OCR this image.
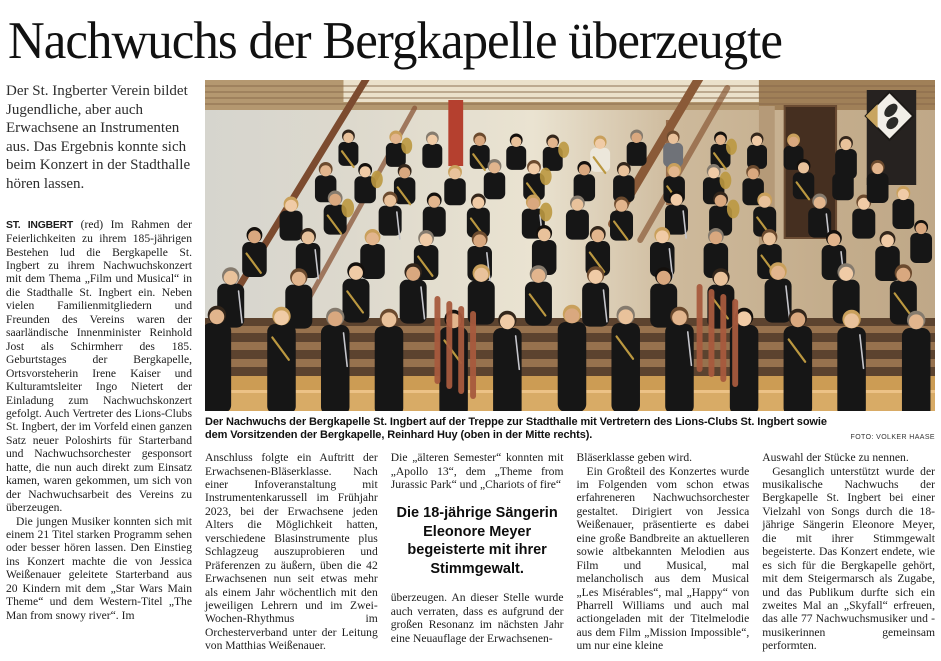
Nachwuchs der Bergkapelle überzeugte

Der St. Ingberter Verein bildet Jugendliche, aber auch Erwachsene an Instrumenten aus. Das Ergebnis konnte sich beim Konzert in der Stadthalle hören lassen.

ST. INGBERT (red) Im Rahmen der Feierlichkeiten zu ihrem 185-jährigen Bestehen lud die Bergkapelle St. Ingbert zu ihrem Nachwuchskonzert mit dem Thema „Film und Musical“ in die Stadthalle St. Ingbert ein. Neben vielen Familienmitgliedern und Freunden des Vereins waren der saarländische Innenminister Reinhold Jost als Schirmherr des 185. Geburtstages der Bergkapelle, Ortsvorsteherin Irene Kaiser und Kulturamtsleiter Ingo Nietert der Einladung zum Nachwuchskonzert gefolgt. Auch Vertreter des Lions-Clubs St. Ingbert, der im Vorfeld einen ganzen Satz neuer Poloshirts für Starterband und Nachwuchsorchester gesponsort hatte, die nun auch direkt zum Einsatz kamen, waren gekommen, um sich von der Nachwuchsarbeit des Vereins zu überzeugen.

Die jungen Musiker konnten sich mit einem 21 Titel starken Programm sehen oder besser hören lassen. Den Einstieg ins Konzert machte die von Jessica Weißenauer geleitete Starterband aus 20 Kindern mit dem „Star Wars Main Theme“ und dem Western-Titel „The Man from snowy river“. Im

Der Nachwuchs der Bergkapelle St. Ingbert auf der Treppe zur Stadthalle mit Vertretern des Lions-Clubs St. Ingbert sowie dem Vorsitzenden der Bergkapelle, Reinhard Huy (oben in der Mitte rechts).	FOTO: VOLKER HAASE

Anschluss folgte ein Auftritt der Erwachsenen-Bläserklasse. Nach einer Infoveranstaltung mit Instrumentenkarussell im Frühjahr 2023, bei der Erwachsene jeden Alters die Möglichkeit hatten, verschiedene Blasinstrumente plus Schlagzeug auszuprobieren und Präferenzen zu äußern, üben die 42 Erwachsenen nun seit etwas mehr als einem Jahr wöchentlich mit den jeweiligen Lehrern und im Zwei-Wochen-Rhythmus im Orchesterverband unter der Leitung von Matthias Weißenauer.

Die „älteren Semester“ konnten mit „Apollo 13“, dem „Theme from Jurassic Park“ und „Chariots of fire“

Die 18-jährige Sängerin Eleonore Meyer begeisterte mit ihrer Stimmgewalt.

überzeugen. An dieser Stelle wurde auch verraten, dass es aufgrund der großen Resonanz im nächsten Jahr eine Neuauflage der Erwachsenen-

Bläserklasse geben wird.

Ein Großteil des Konzertes wurde im Folgenden vom schon etwas erfahreneren Nachwuchsorchester gestaltet. Dirigiert von Jessica Weißenauer, präsentierte es dabei eine große Bandbreite an aktuelleren sowie altbekannten Melodien aus Film und Musical, mal melancholisch aus dem Musical „Les Misérables“, mal „Happy“ von Pharrell Williams und auch mal actiongeladen mit der Titelmelodie aus dem Film „Mission Impossible“, um nur eine kleine

Auswahl der Stücke zu nennen.

Gesanglich unterstützt wurde der musikalische Nachwuchs der Bergkapelle St. Ingbert bei einer Vielzahl von Songs durch die 18-jährige Sängerin Eleonore Meyer, die mit ihrer Stimmgewalt begeisterte. Das Konzert endete, wie es sich für die Bergkapelle gehört, mit dem Steigermarsch als Zugabe, und das Publikum durfte sich ein zweites Mal an „Skyfall“ erfreuen, das alle 77 Nachwuchsmusiker und -musikerinnen gemeinsam performten.
